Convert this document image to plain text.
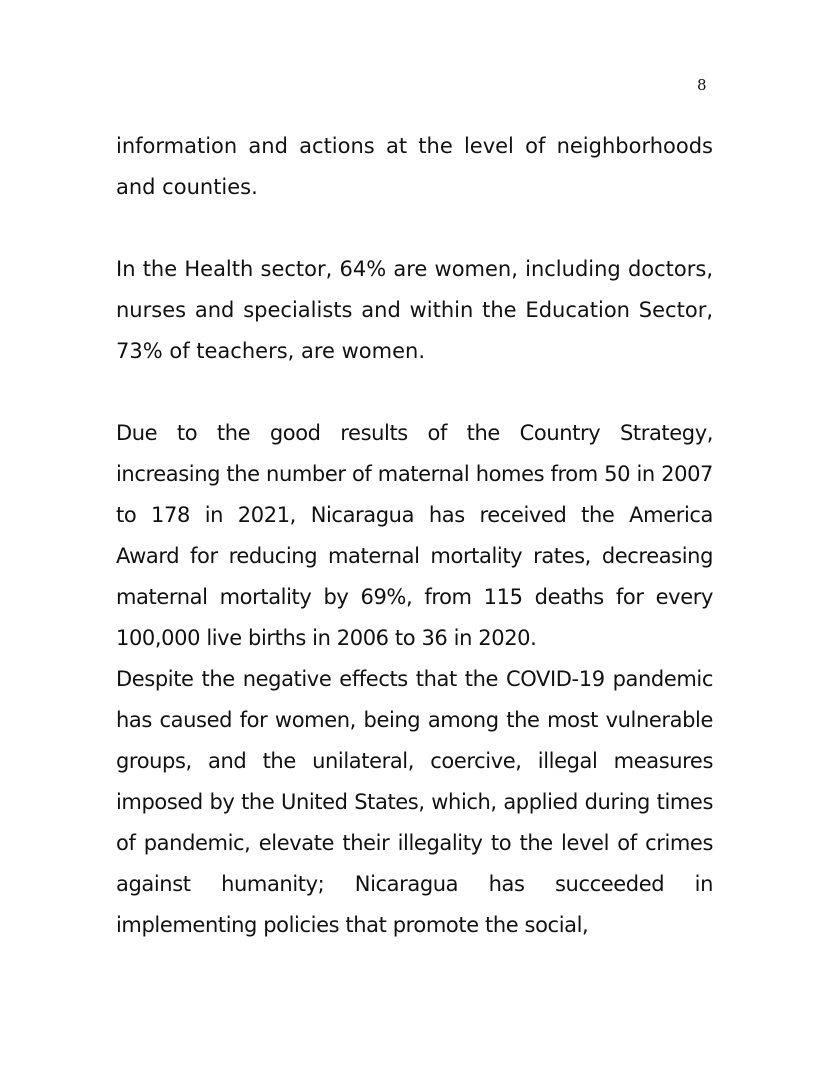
8

information and actions at the level of neighborhoods and counties.

In the Health sector, 64% are women, including doctors, nurses and specialists and within the Education Sector, 73% of teachers, are women.

Due to the good results of the Country Strategy, increasing the number of maternal homes from 50 in 2007 to 178 in 2021, Nicaragua has received the America Award for reducing maternal mortality rates, decreasing maternal mortality by 69%, from 115 deaths for every 100,000 live births in 2006 to 36 in 2020.

Despite the negative effects that the COVID-19 pandemic has caused for women, being among the most vulnerable groups, and the unilateral, coercive, illegal measures imposed by the United States, which, applied during times of pandemic, elevate their illegality to the level of crimes against humanity; Nicaragua has succeeded in implementing policies that promote the social,
